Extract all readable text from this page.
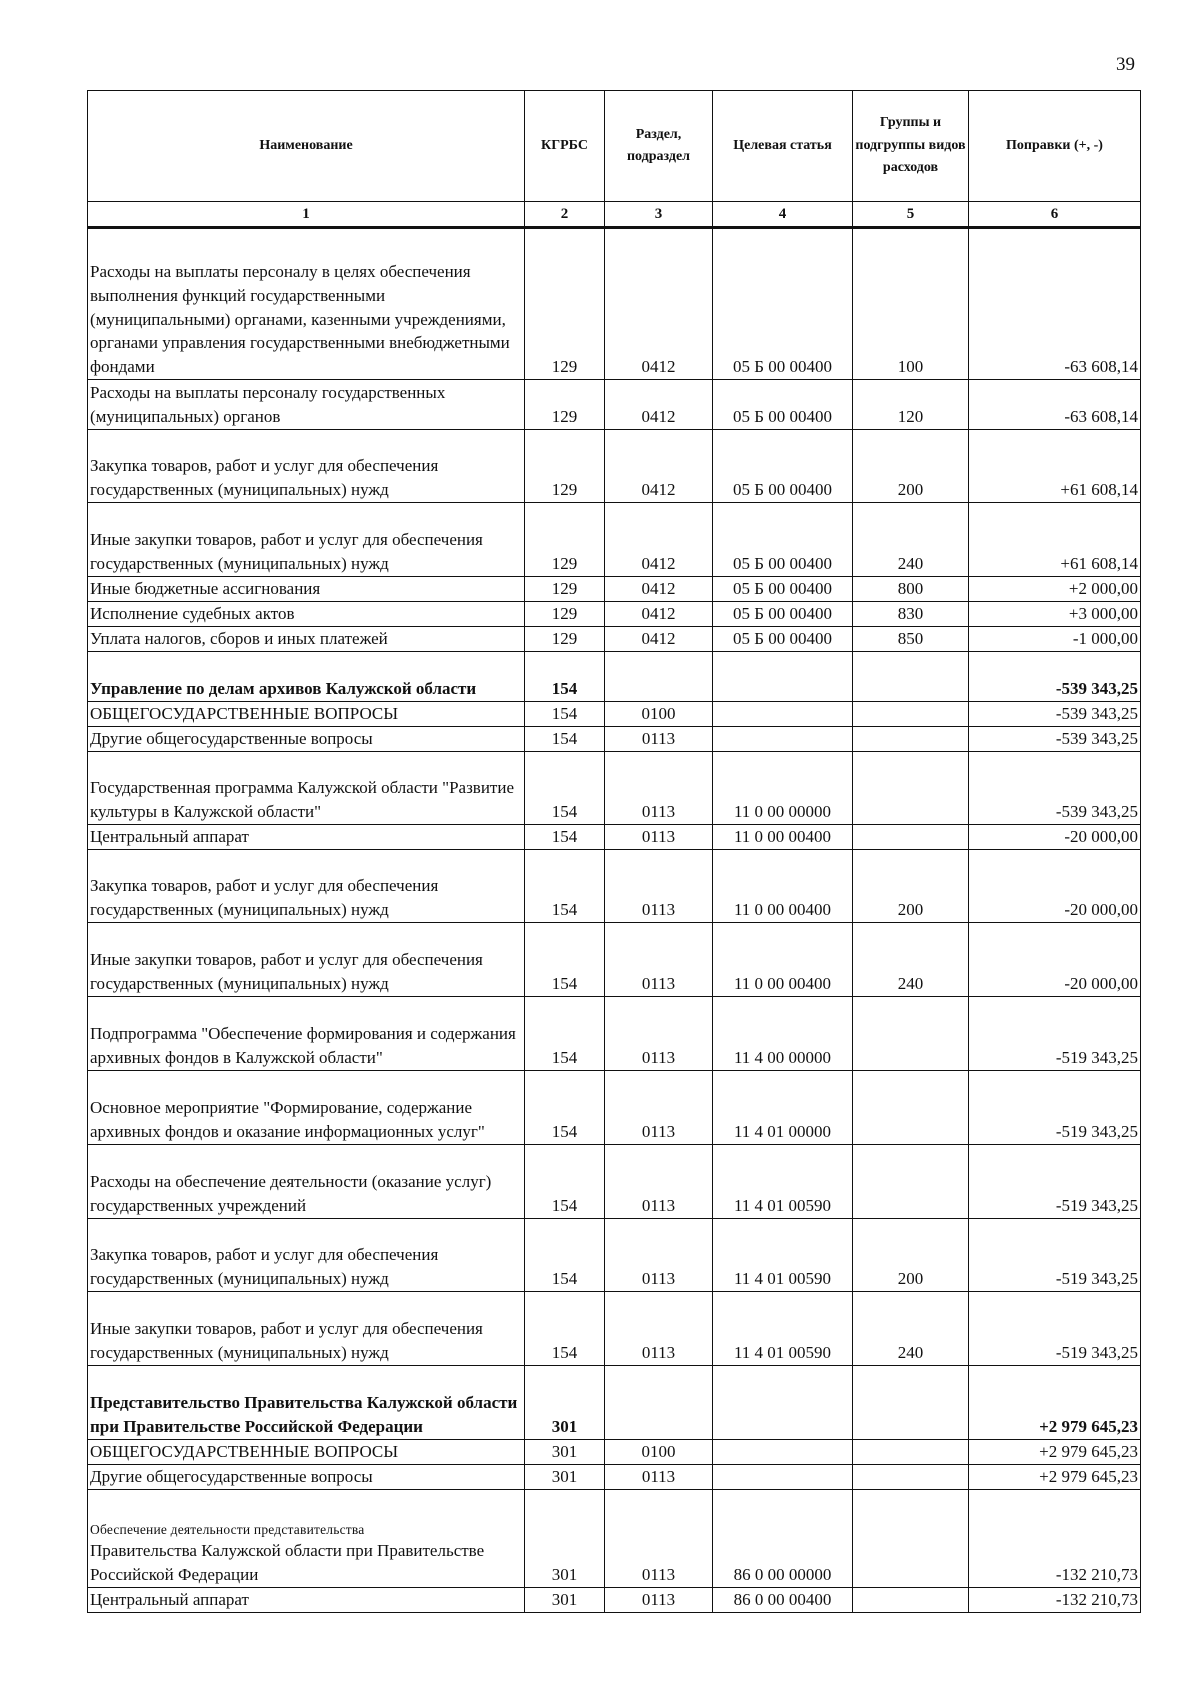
39
Наименование	КГРБС	Раздел, подраздел	Целевая статья	Группы и подгруппы видов расходов	Поправки (+, -)
1	2	3	4	5	6
Расходы на выплаты персоналу в целях обеспечения выполнения функций государственными (муниципальными) органами, казенными учреждениями, органами управления государственными внебюджетными фондами	129	0412	05 Б 00 00400	100	-63 608,14
Расходы на выплаты персоналу государственных (муниципальных) органов	129	0412	05 Б 00 00400	120	-63 608,14
Закупка товаров, работ и услуг для обеспечения государственных (муниципальных) нужд	129	0412	05 Б 00 00400	200	+61 608,14
Иные закупки товаров, работ и услуг для обеспечения государственных (муниципальных) нужд	129	0412	05 Б 00 00400	240	+61 608,14
Иные бюджетные ассигнования	129	0412	05 Б 00 00400	800	+2 000,00
Исполнение судебных актов	129	0412	05 Б 00 00400	830	+3 000,00
Уплата налогов, сборов и иных платежей	129	0412	05 Б 00 00400	850	-1 000,00
Управление по делам архивов Калужской области	154				-539 343,25
ОБЩЕГОСУДАРСТВЕННЫЕ ВОПРОСЫ	154	0100			-539 343,25
Другие общегосударственные вопросы	154	0113			-539 343,25
Государственная программа Калужской области "Развитие культуры в Калужской области"	154	0113	11 0 00 00000		-539 343,25
Центральный аппарат	154	0113	11 0 00 00400		-20 000,00
Закупка товаров, работ и услуг для обеспечения государственных (муниципальных) нужд	154	0113	11 0 00 00400	200	-20 000,00
Иные закупки товаров, работ и услуг для обеспечения государственных (муниципальных) нужд	154	0113	11 0 00 00400	240	-20 000,00
Подпрограмма "Обеспечение формирования и содержания архивных фондов в Калужской области"	154	0113	11 4 00 00000		-519 343,25
Основное мероприятие "Формирование, содержание архивных фондов и оказание информационных услуг"	154	0113	11 4 01 00000		-519 343,25
Расходы на обеспечение деятельности (оказание услуг) государственных учреждений	154	0113	11 4 01 00590		-519 343,25
Закупка товаров, работ и услуг для обеспечения государственных (муниципальных) нужд	154	0113	11 4 01 00590	200	-519 343,25
Иные закупки товаров, работ и услуг для обеспечения государственных (муниципальных) нужд	154	0113	11 4 01 00590	240	-519 343,25
Представительство Правительства Калужской области при Правительстве Российской Федерации	301				+2 979 645,23
ОБЩЕГОСУДАРСТВЕННЫЕ ВОПРОСЫ	301	0100			+2 979 645,23
Другие общегосударственные вопросы	301	0113			+2 979 645,23

Обеспечение деятельности представительства
Правительства Калужской области при Правительстве Российской Федерации	301	0113	86 0 00 00000		-132 210,73
Центральный аппарат	301	0113	86 0 00 00400		-132 210,73
